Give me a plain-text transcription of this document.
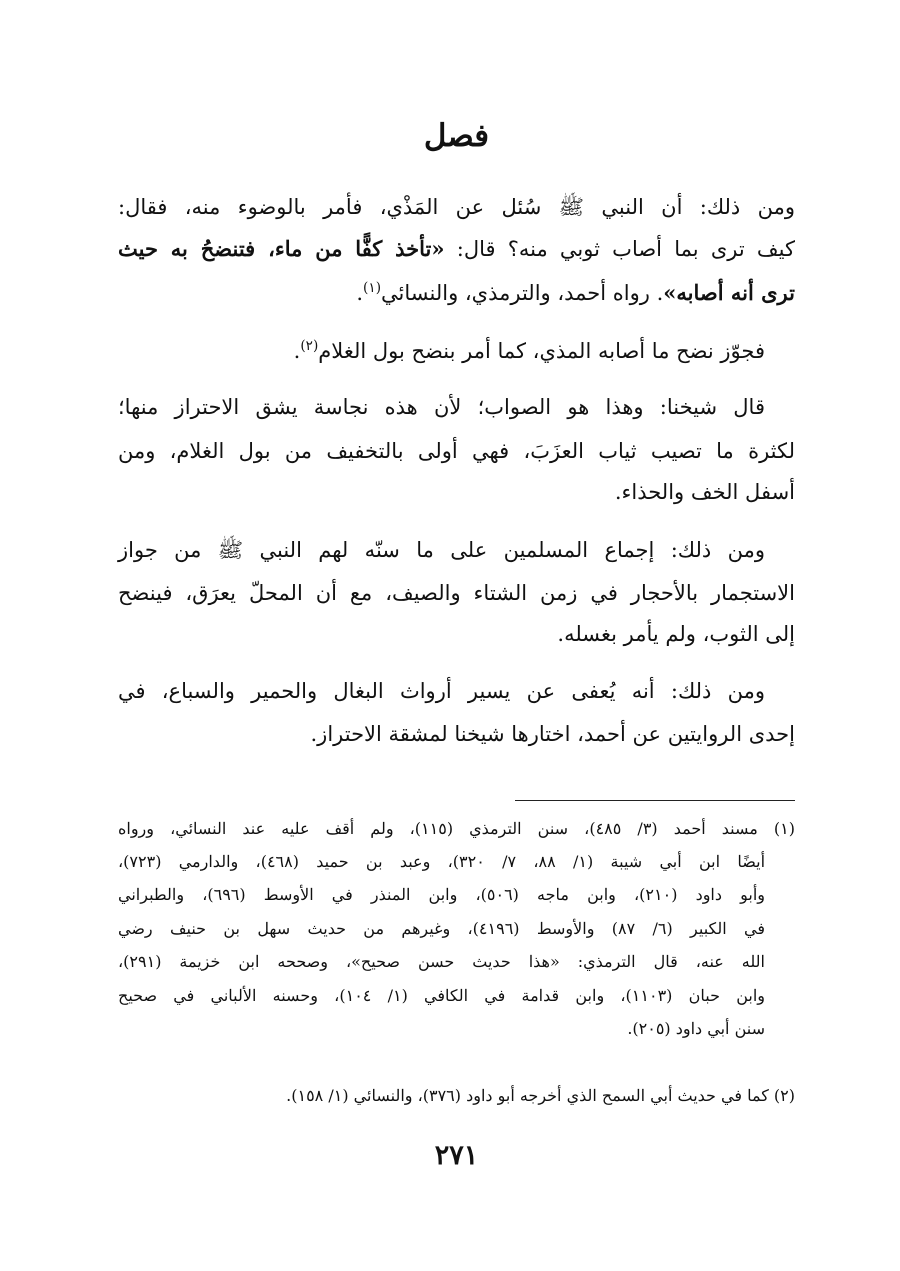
فصل
ومن ذلك: أن النبي ﷺ سُئل عن المَذْي، فأمر بالوضوء منه، فقال:
كيف ترى بما أصاب ثوبي منه؟ قال: «تأخذ كفًّا من ماء، فتنضحُ به حيث
ترى أنه أصابه». رواه أحمد، والترمذي، والنسائي$^{(١)}$.
فجوّز نضح ما أصابه المذي، كما أمر بنضح بول الغلام$^{(٢)}$.
قال شيخنا: وهذا هو الصواب؛ لأن هذه نجاسة يشق الاحتراز منها؛
لكثرة ما تصيب ثياب العزَبَ، فهي أولى بالتخفيف من بول الغلام، ومن
أسفل الخف والحذاء.
ومن ذلك: إجماع المسلمين على ما سنّه لهم النبي ﷺ من جواز
الاستجمار بالأحجار في زمن الشتاء والصيف، مع أن المحلّ يعرَق، فينضح
إلى الثوب، ولم يأمر بغسله.
ومن ذلك: أنه يُعفى عن يسير أرواث البغال والحمير والسباع، في
إحدى الروايتين عن أحمد، اختارها شيخنا لمشقة الاحتراز.
(١) مسند أحمد (٣/ ٤٨٥)، سنن الترمذي (١١٥)، ولم أقف عليه عند النسائي، ورواه
أيضًا ابن أبي شيبة (١/ ٨٨، ٧/ ٣٢٠)، وعبد بن حميد (٤٦٨)، والدارمي (٧٢٣)،
وأبو داود (٢١٠)، وابن ماجه (٥٠٦)، وابن المنذر في الأوسط (٦٩٦)، والطبراني
في الكبير (٦/ ٨٧) والأوسط (٤١٩٦)، وغيرهم من حديث سهل بن حنيف رضي
الله عنه، قال الترمذي: «هذا حديث حسن صحيح»، وصححه ابن خزيمة (٢٩١)،
وابن حبان (١١٠٣)، وابن قدامة في الكافي (١/ ١٠٤)، وحسنه الألباني في صحيح
سنن أبي داود (٢٠٥).
(٢) كما في حديث أبي السمح الذي أخرجه أبو داود (٣٧٦)، والنسائي (١/ ١٥٨).
٢٧١
